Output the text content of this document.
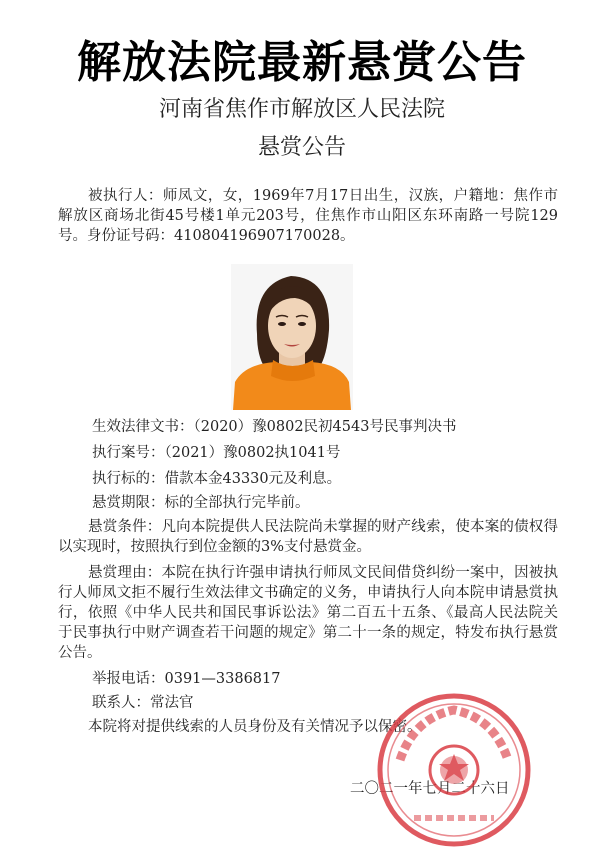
解放法院最新悬赏公告
河南省焦作市解放区人民法院
悬赏公告
被执行人：师凤文，女，1969年7月17日出生，汉族，户籍地：焦作市解放区商场北街45号楼1单元203号，住焦作市山阳区东环南路一号院129号。身份证号码：410804196907170028。
生效法律文书：（2020）豫0802民初4543号民事判决书
执行案号：（2021）豫0802执1041号
执行标的：借款本金43330元及利息。
悬赏期限：标的全部执行完毕前。
悬赏条件：凡向本院提供人民法院尚未掌握的财产线索，使本案的债权得以实现时，按照执行到位金额的3%支付悬赏金。
悬赏理由：本院在执行许强申请执行师凤文民间借贷纠纷一案中，因被执行人师凤文拒不履行生效法律文书确定的义务，申请执行人向本院申请悬赏执行，依照《中华人民共和国民事诉讼法》第二百五十五条、《最高人民法院关于民事执行中财产调查若干问题的规定》第二十一条的规定，特发布执行悬赏公告。
举报电话：0391—3386817
联系人：常法官
本院将对提供线索的人员身份及有关情况予以保密。
二〇二一年七月二十六日
